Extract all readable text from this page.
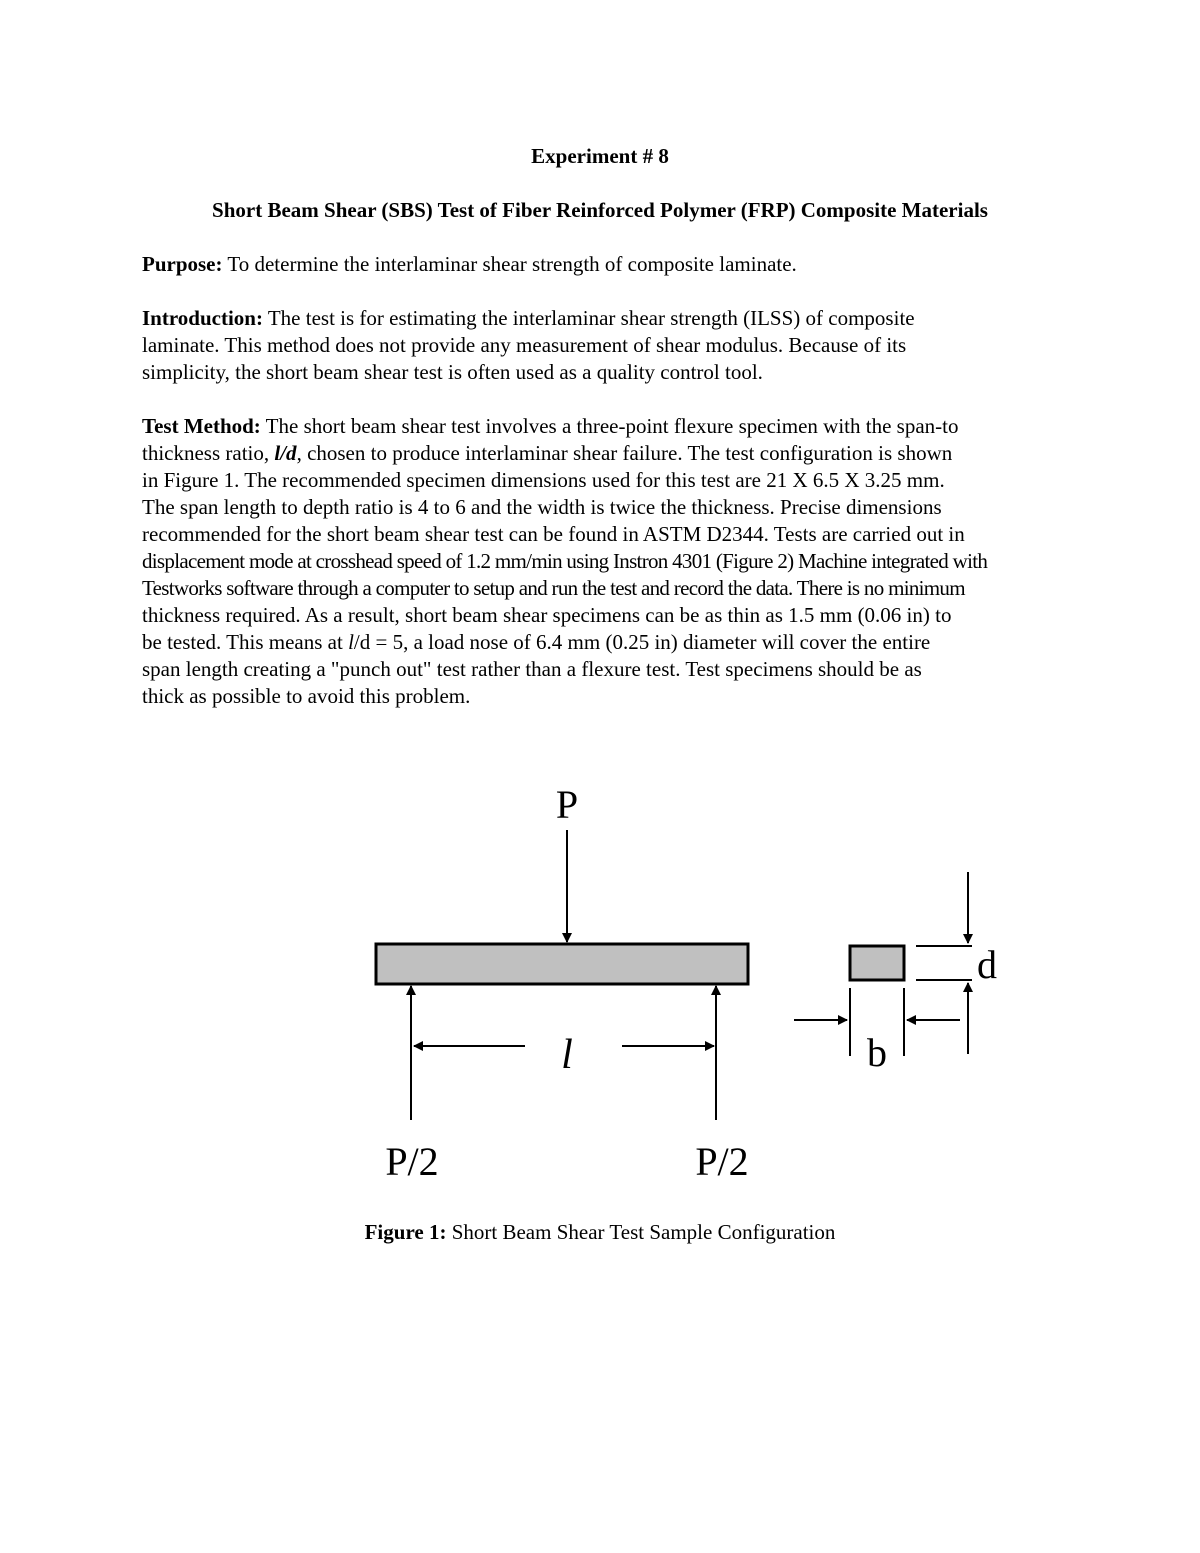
Experiment # 8
Short Beam Shear (SBS) Test of Fiber Reinforced Polymer (FRP) Composite Materials

Purpose: To determine the interlaminar shear strength of composite laminate.

Introduction: The test is for estimating the interlaminar shear strength (ILSS) of composite
laminate. This method does not provide any measurement of shear modulus. Because of its
simplicity, the short beam shear test is often used as a quality control tool.

Test Method: The short beam shear test involves a three-point flexure specimen with the span-to
thickness ratio, l/d, chosen to produce interlaminar shear failure. The test configuration is shown
in Figure 1. The recommended specimen dimensions used for this test are 21 X 6.5 X 3.25 mm.
The span length to depth ratio is 4 to 6 and the width is twice the thickness. Precise dimensions
recommended for the short beam shear test can be found in ASTM D2344. Tests are carried out in
displacement mode at crosshead speed of 1.2 mm/min using Instron 4301 (Figure 2) Machine integrated with
Testworks software through a computer to setup and run the test and record the data. There is no minimum
thickness required. As a result, short beam shear specimens can be as thin as 1.5 mm (0.06 in) to
be tested. This means at l/d = 5, a load nose of 6.4 mm (0.25 in) diameter will cover the entire
span length creating a "punch out" test rather than a flexure test. Test specimens should be as
thick as possible to avoid this problem.

P
l
P/2	P/2
b
d
Figure 1: Short Beam Shear Test Sample Configuration
